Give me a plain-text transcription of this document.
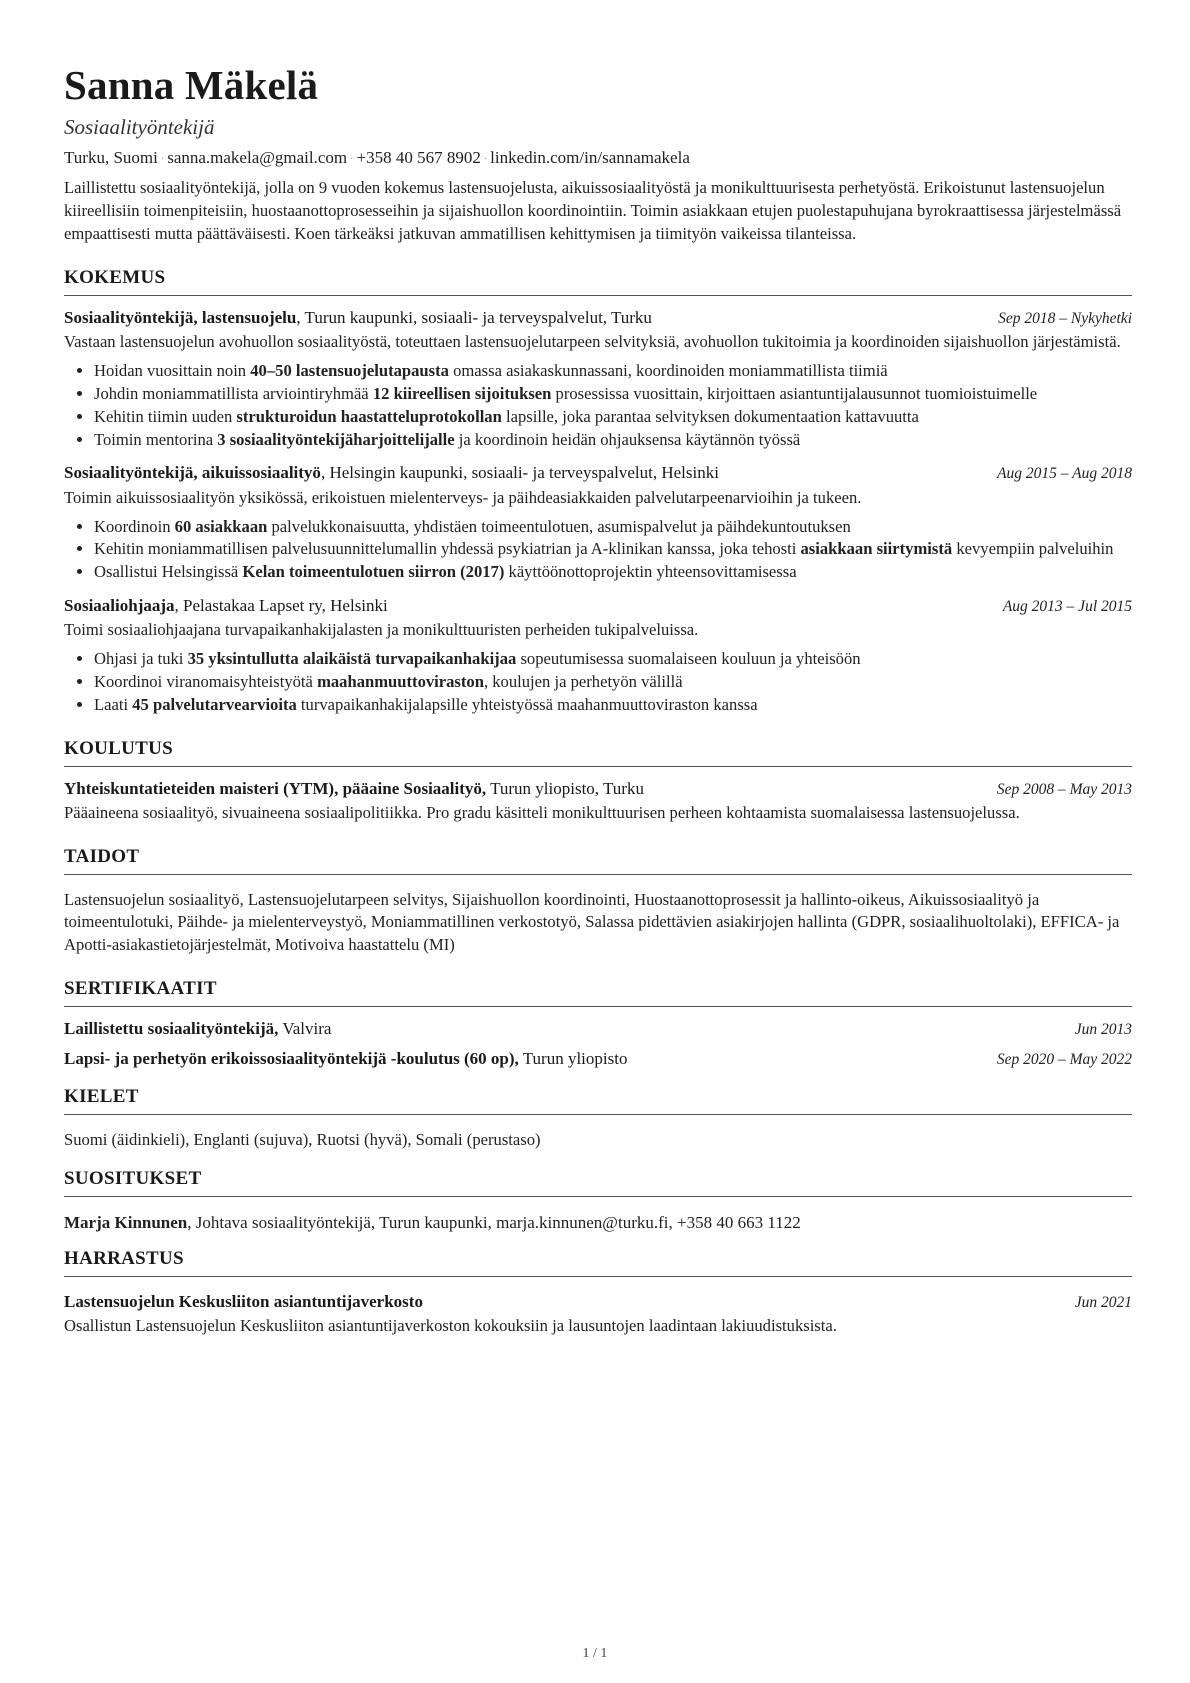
Sanna Mäkelä
Sosiaalityöntekijä
Turku, Suomi · sanna.makela@gmail.com · +358 40 567 8902 · linkedin.com/in/sannamakela
Laillistettu sosiaalityöntekijä, jolla on 9 vuoden kokemus lastensuojelusta, aikuissosiaalityöstä ja monikulttuurisesta perhetyöstä. Erikoistunut lastensuojelun kiireellisiin toimenpiteisiin, huostaanottoprosesseihin ja sijaishuollon koordinointiin. Toimin asiakkaan etujen puolestapuhujana byrokraattisessa järjestelmässä empaattisesti mutta päättäväisesti. Koen tärkeäksi jatkuvan ammatillisen kehittymisen ja tiimityön vaikeissa tilanteissa.
KOKEMUS
Sosiaalityöntekijä, lastensuojelu, Turun kaupunki, sosiaali- ja terveyspalvelut, Turku	Sep 2018 – Nykyhetki
Vastaan lastensuojelun avohuollon sosiaalityöstä, toteuttaen lastensuojelutarpeen selvityksiä, avohuollon tukitoimia ja koordinoiden sijaishuollon järjestämistä.
• Hoidan vuosittain noin 40–50 lastensuojelutapausta omassa asiakaskunnassani, koordinoiden moniammatillista tiimiä
• Johdin moniammatillista arviointiryhmää 12 kiireellisen sijoituksen prosessissa vuosittain, kirjoittaen asiantuntijalausunnot tuomioistuimelle
• Kehitin tiimin uuden strukturoidun haastatteluprotokollan lapsille, joka parantaa selvityksen dokumentaation kattavuutta
• Toimin mentorina 3 sosiaalityöntekijäharjoittelijalle ja koordinoin heidän ohjauksensa käytännön työssä
Sosiaalityöntekijä, aikuissosiaalityö, Helsingin kaupunki, sosiaali- ja terveyspalvelut, Helsinki	Aug 2015 – Aug 2018
Toimin aikuissosiaalityön yksikössä, erikoistuen mielenterveys- ja päihdeasiakkaiden palvelutarpeenarvioihin ja tukeen.
• Koordinoin 60 asiakkaan palvelukkonaisuutta, yhdistäen toimeentulotuen, asumispalvelut ja päihdekuntoutuksen
• Kehitin moniammatillisen palvelusuunnittelumallin yhdessä psykiatrian ja A-klinikan kanssa, joka tehosti asiakkaan siirtymistä kevyempiin palveluihin
• Osallistui Helsingissä Kelan toimeentulotuen siirron (2017) käyttöönottoprojektin yhteensovittamisessa
Sosiaaliohjaaja, Pelastakaa Lapset ry, Helsinki	Aug 2013 – Jul 2015
Toimi sosiaaliohjaajana turvapaikanhakijalasten ja monikulttuuristen perheiden tukipalveluissa.
• Ohjasi ja tuki 35 yksintullutta alaikäistä turvapaikanhakijaa sopeutumisessa suomalaiseen kouluun ja yhteisöön
• Koordinoi viranomaisyhteistyötä maahanmuuttoviraston, koulujen ja perhetyön välillä
• Laati 45 palvelutarvearvioita turvapaikanhakijalapsille yhteistyössä maahanmuuttoviraston kanssa
KOULUTUS
Yhteiskuntatieteiden maisteri (YTM), pääaine Sosiaalityö, Turun yliopisto, Turku	Sep 2008 – May 2013
Pääaineena sosiaalityö, sivuaineena sosiaalipolitiikka. Pro gradu käsitteli monikulttuurisen perheen kohtaamista suomalaisessa lastensuojelussa.
TAIDOT
Lastensuojelun sosiaalityö, Lastensuojelutarpeen selvitys, Sijaishuollon koordinointi, Huostaanottoprosessit ja hallinto-oikeus, Aikuissosiaalityö ja toimeentulotuki, Päihde- ja mielenterveystyö, Moniammatillinen verkostotyö, Salassa pidettävien asiakirjojen hallinta (GDPR, sosiaalihuoltolaki), EFFICA- ja Apotti-asiakastietojärjestelmät, Motivoiva haastattelu (MI)
SERTIFIKAATIT
Laillistettu sosiaalityöntekijä, Valvira	Jun 2013
Lapsi- ja perhetyön erikoissosiaalityöntekijä -koulutus (60 op), Turun yliopisto	Sep 2020 – May 2022
KIELET
Suomi (äidinkieli), Englanti (sujuva), Ruotsi (hyvä), Somali (perustaso)
SUOSITUKSET
Marja Kinnunen, Johtava sosiaalityöntekijä, Turun kaupunki, marja.kinnunen@turku.fi, +358 40 663 1122
HARRASTUS
Lastensuojelun Keskusliiton asiantuntijaverkosto	Jun 2021
Osallistun Lastensuojelun Keskusliiton asiantuntijaverkoston kokouksiin ja lausuntojen laadintaan lakiuudistuksista.
1 / 1
